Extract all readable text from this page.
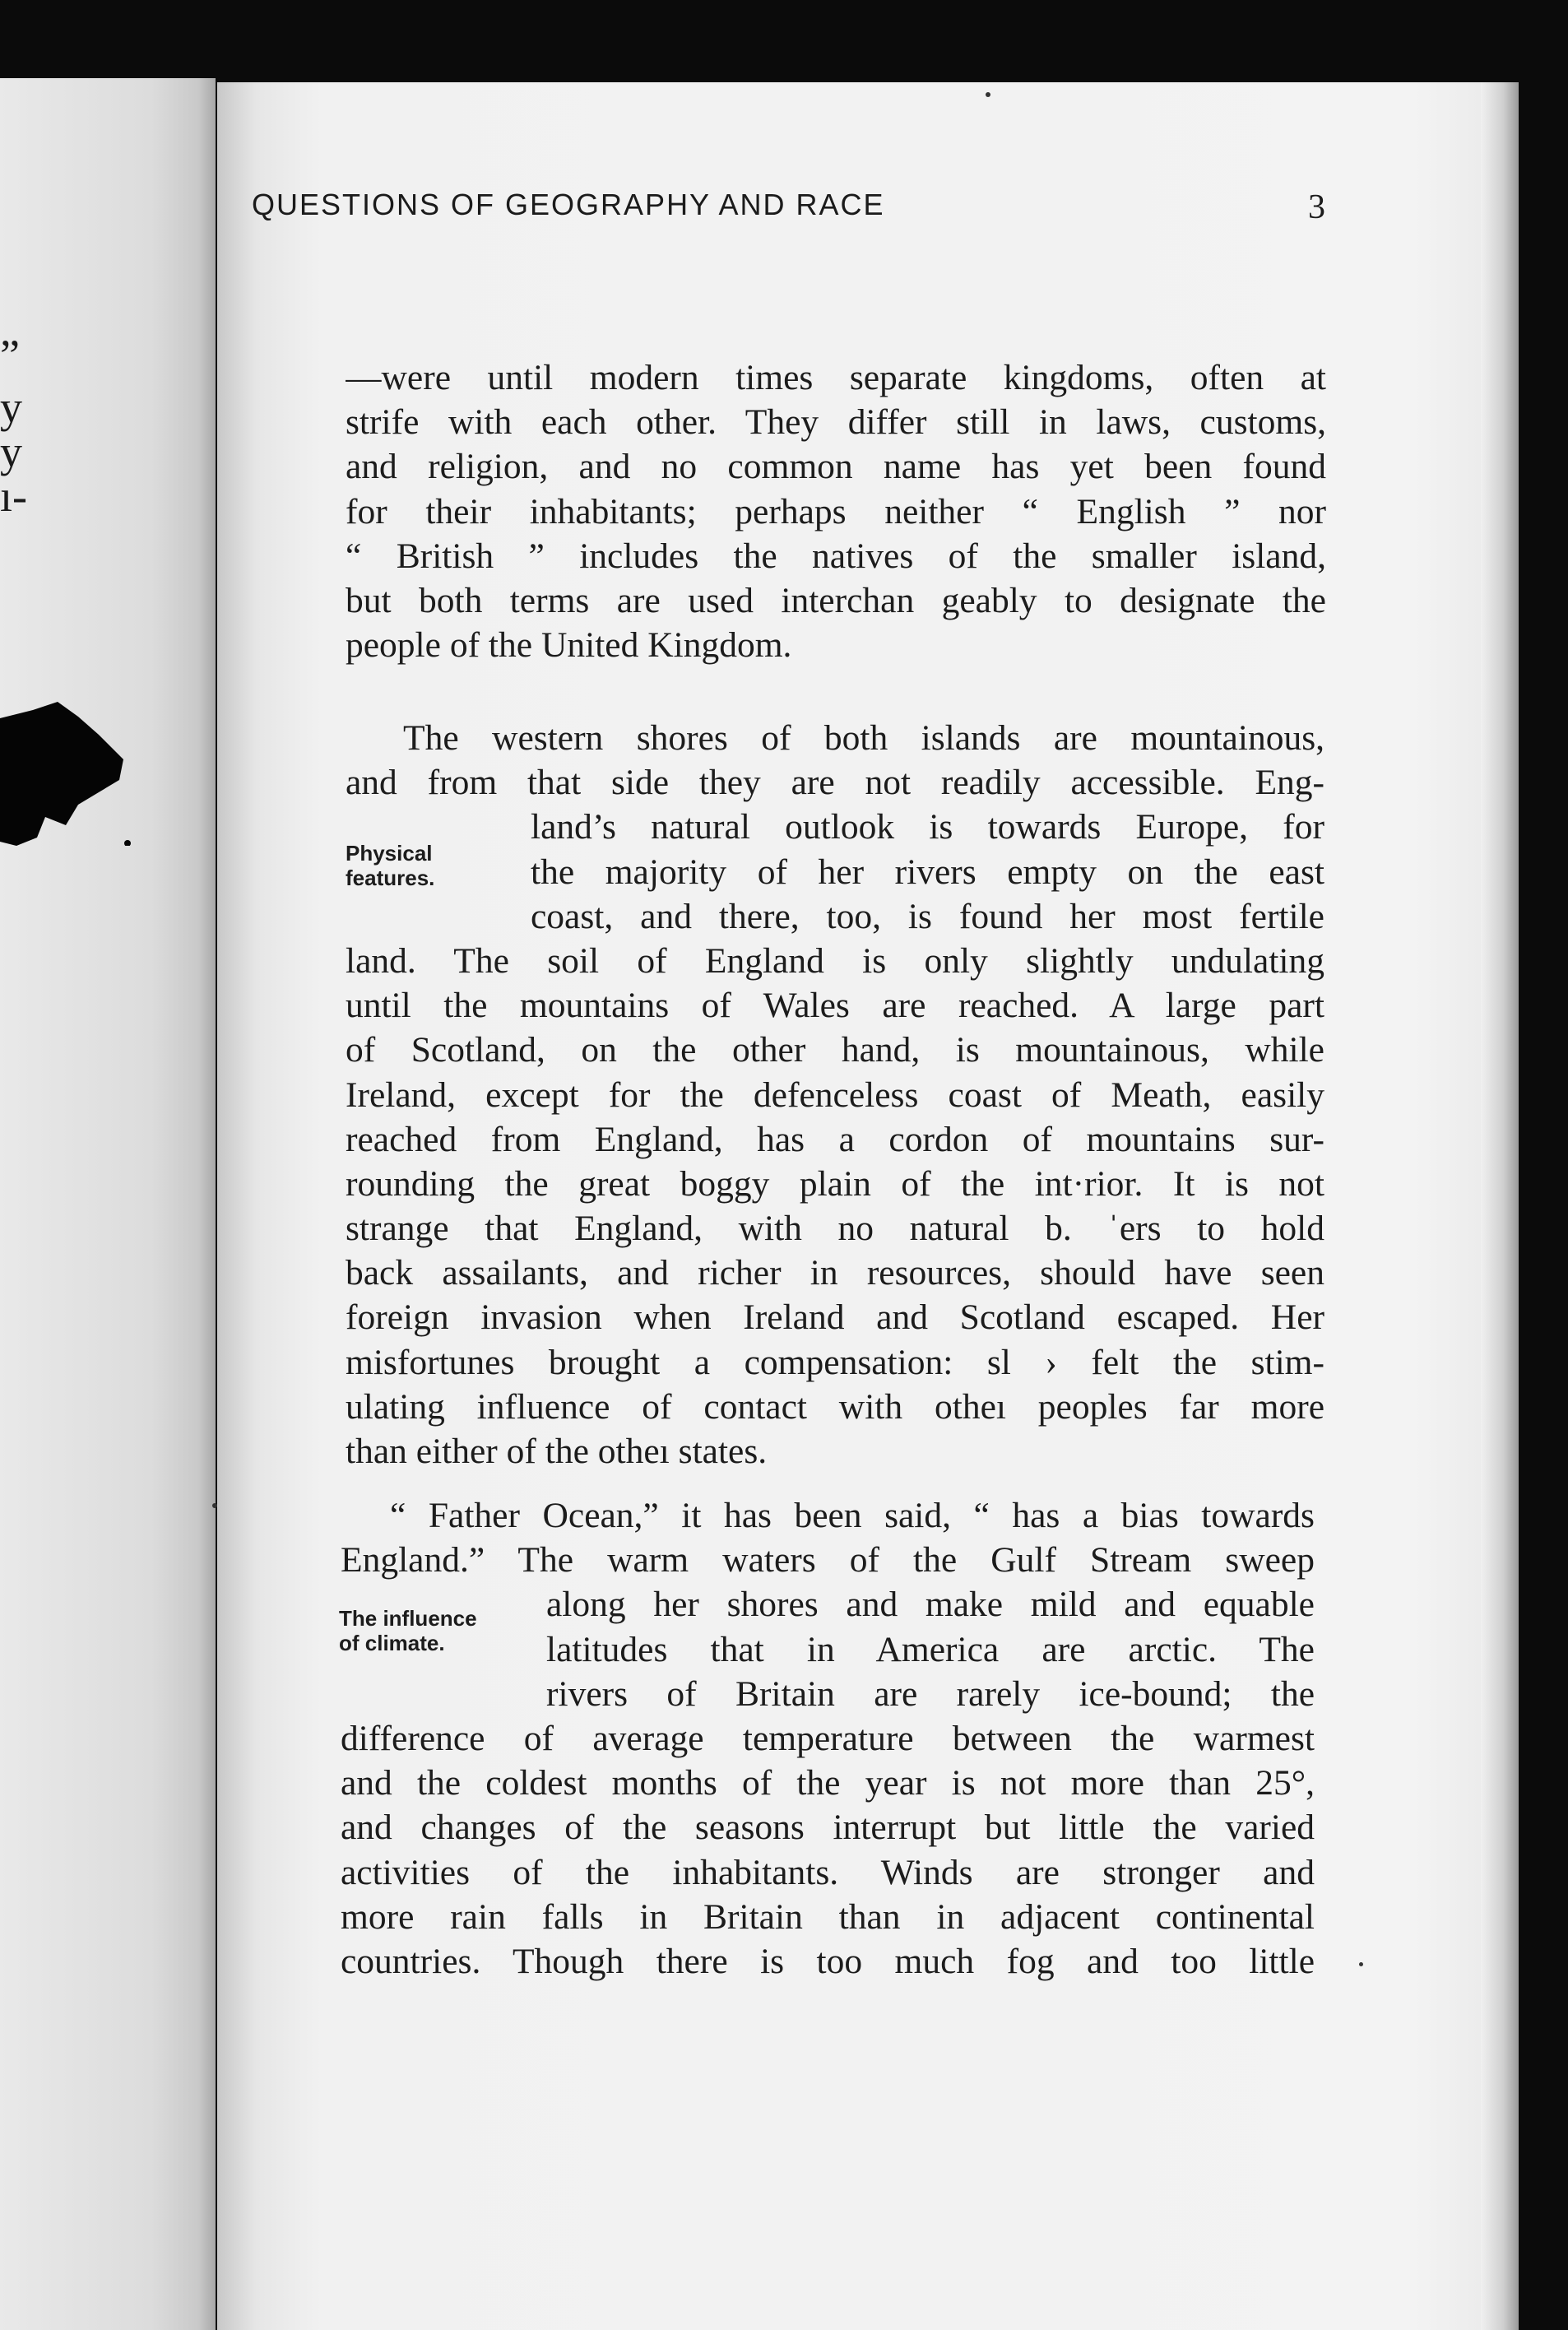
”
y
y
ı-
QUESTIONS OF GEOGRAPHY AND RACE	3
—were until modern times separate kingdoms, often at
strife with each other. They differ still in laws, customs,
and religion, and no common name has yet been found
for their inhabitants; perhaps neither “ English ” nor
“ British ” includes the natives of the smaller island,
but both terms are used interchan geably to designate the
people of the United Kingdom.
Physical
features.
The western shores of both islands are mountainous,
and from that side they are not readily accessible. Eng-
land’s natural outlook is towards Europe, for
the majority of her rivers empty on the east
coast, and there, too, is found her most fertile
land. The soil of England is only slightly undulating
until the mountains of Wales are reached. A large part
of Scotland, on the other hand, is mountainous, while
Ireland, except for the defenceless coast of Meath, easily
reached from England, has a cordon of mountains sur-
rounding the great boggy plain of the int·rior. It is not
strange that England, with no natural b. ˈers to hold
back assailants, and richer in resources, should have seen
foreign invasion when Ireland and Scotland escaped. Her
misfortunes brought a compensation: sl › felt the stim-
ulating influence of contact with otheı peoples far more
than either of the otheı states.
The influence
of climate.
“ Father Ocean,” it has been said, “ has a bias towards
England.” The warm waters of the Gulf Stream sweep
along her shores and make mild and equable
latitudes that in America are arctic. The
rivers of Britain are rarely ice-bound; the
difference of average temperature between the warmest
and the coldest months of the year is not more than 25°,
and changes of the seasons interrupt but little the varied
activities of the inhabitants. Winds are stronger and
more rain falls in Britain than in adjacent continental
countries. Though there is too much fog and too little
